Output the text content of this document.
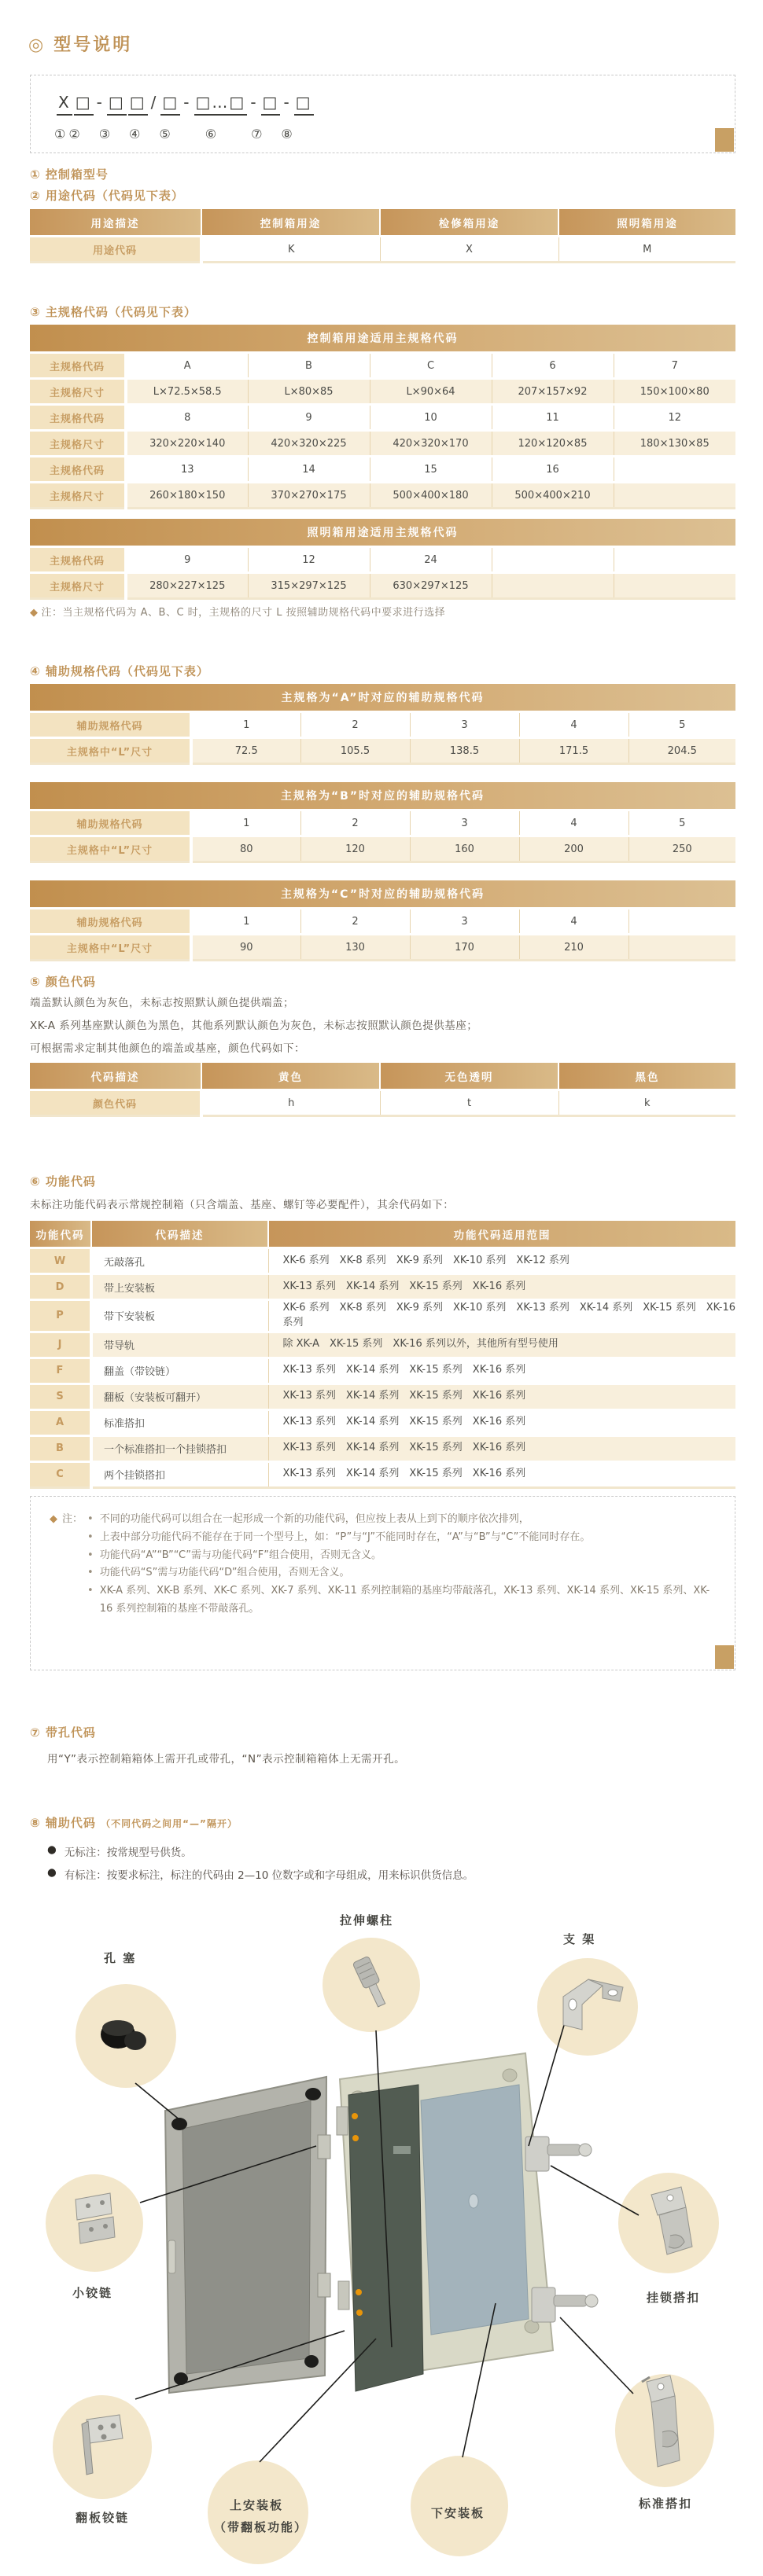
◎ 型号说明
X □ - □ □ / □ - □…□ - □ - □
①②　③　④　⑤　　⑥　　⑦　⑧
① 控制箱型号
② 用途代码（代码见下表）
用途描述	控制箱用途	检修箱用途	照明箱用途
用途代码	K	X	M
③ 主规格代码（代码见下表）
控制箱用途适用主规格代码					
主规格代码	A	B	C	6	7
主规格尺寸	L×72.5×58.5	L×80×85	L×90×64	207×157×92	150×100×80
主规格代码	8	9	10	11	12
主规格尺寸	320×220×140	420×320×225	420×320×170	120×120×85	180×130×85
主规格代码	13	14	15	16	
主规格尺寸	260×180×150	370×270×175	500×400×180	500×400×210	
照明箱用途适用主规格代码					
主规格代码	9	12	24		
主规格尺寸	280×227×125	315×297×125	630×297×125		
◆ 注：当主规格代码为 A、B、C 时，主规格的尺寸 L 按照辅助规格代码中要求进行选择
④ 辅助规格代码（代码见下表）
主规格为“A”时对应的辅助规格代码					
辅助规格代码	1	2	3	4	5
主规格中“L”尺寸	72.5	105.5	138.5	171.5	204.5
主规格为“B”时对应的辅助规格代码					
辅助规格代码	1	2	3	4	5
主规格中“L”尺寸	80	120	160	200	250
主规格为“C”时对应的辅助规格代码					
辅助规格代码	1	2	3	4	
主规格中“L”尺寸	90	130	170	210	
⑤ 颜色代码
端盖默认颜色为灰色，未标志按照默认颜色提供端盖；
XK-A 系列基座默认颜色为黑色，其他系列默认颜色为灰色，未标志按照默认颜色提供基座；
可根据需求定制其他颜色的端盖或基座，颜色代码如下：
代码描述	黄色	无色透明	黑色
颜色代码	h	t	k
⑥ 功能代码
未标注功能代码表示常规控制箱（只含端盖、基座、螺钉等必要配件），其余代码如下：
功能代码	代码描述	功能代码适用范围
W	无敲落孔	XK-6 系列　XK-8 系列　XK-9 系列　XK-10 系列　XK-12 系列
D	带上安装板	XK-13 系列　XK-14 系列　XK-15 系列　XK-16 系列
P	带下安装板	XK-6 系列　XK-8 系列　XK-9 系列　XK-10 系列　XK-13 系列　XK-14 系列　XK-15 系列　XK-16 系列
J	带导轨	除 XK-A　XK-15 系列　XK-16 系列以外，其他所有型号使用
F	翻盖（带铰链）	XK-13 系列　XK-14 系列　XK-15 系列　XK-16 系列
S	翻板（安装板可翻开）	XK-13 系列　XK-14 系列　XK-15 系列　XK-16 系列
A	标准搭扣	XK-13 系列　XK-14 系列　XK-15 系列　XK-16 系列
B	一个标准搭扣一个挂锁搭扣	XK-13 系列　XK-14 系列　XK-15 系列　XK-16 系列
C	两个挂锁搭扣	XK-13 系列　XK-14 系列　XK-15 系列　XK-16 系列
◆ 注： • 不同的功能代码可以组合在一起形成一个新的功能代码，但应按上表从上到下的顺序依次排列，
• 上表中部分功能代码不能存在于同一个型号上，如：“P”与“J”不能同时存在，“A”与“B”与“C”不能同时存在。
• 功能代码“A”“B”“C”需与功能代码“F”组合使用，否则无含义。
• 功能代码“S”需与功能代码“D”组合使用，否则无含义。
• XK-A 系列、XK-B 系列、XK-C 系列、XK-7 系列、XK-11 系列控制箱的基座均带敲落孔，XK-13 系列、XK-14 系列、XK-15 系列、XK-16 系列控制箱的基座不带敲落孔。
⑦ 带孔代码
用“Y”表示控制箱箱体上需开孔或带孔，“N”表示控制箱箱体上无需开孔。
⑧ 辅助代码 （不同代码之间用“—”隔开）
● 无标注：按常规型号供货。
● 有标注：按要求标注，标注的代码由 2—10 位数字或和字母组成，用来标识供货信息。
孔 塞
拉伸螺柱
支 架
小铰链	挂锁搭扣
翻板铰链
上安装板
（带翻板功能）
下安装板
标准搭扣
